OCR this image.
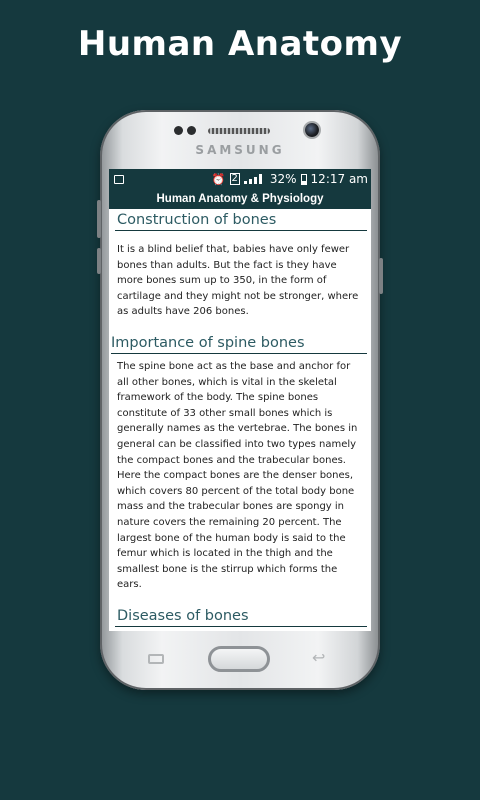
Human Anatomy
SAMSUNG
⏰ 2	32% 12:17 am
Human Anatomy & Physiology
Construction of bones

It is a blind belief that, babies have only fewer bones than adults. But the fact is they have more bones sum up to 350, in the form of cartilage and they might not be stronger, where as adults have 206 bones.

Importance of spine bones

The spine bone act as the base and anchor for all other bones, which is vital in the skeletal framework of the body. The spine bones constitute of 33 other small bones which is generally names as the vertebrae. The bones in general can be classified into two types namely the compact bones and the trabecular bones. Here the compact bones are the denser bones, which covers 80 percent of the total body bone mass and the trabecular bones are spongy in nature covers the remaining 20 percent. The largest bone of the human body is said to the femur which is located in the thigh and the smallest bone is the stirrup which forms the ears.

Diseases of bones

↩
